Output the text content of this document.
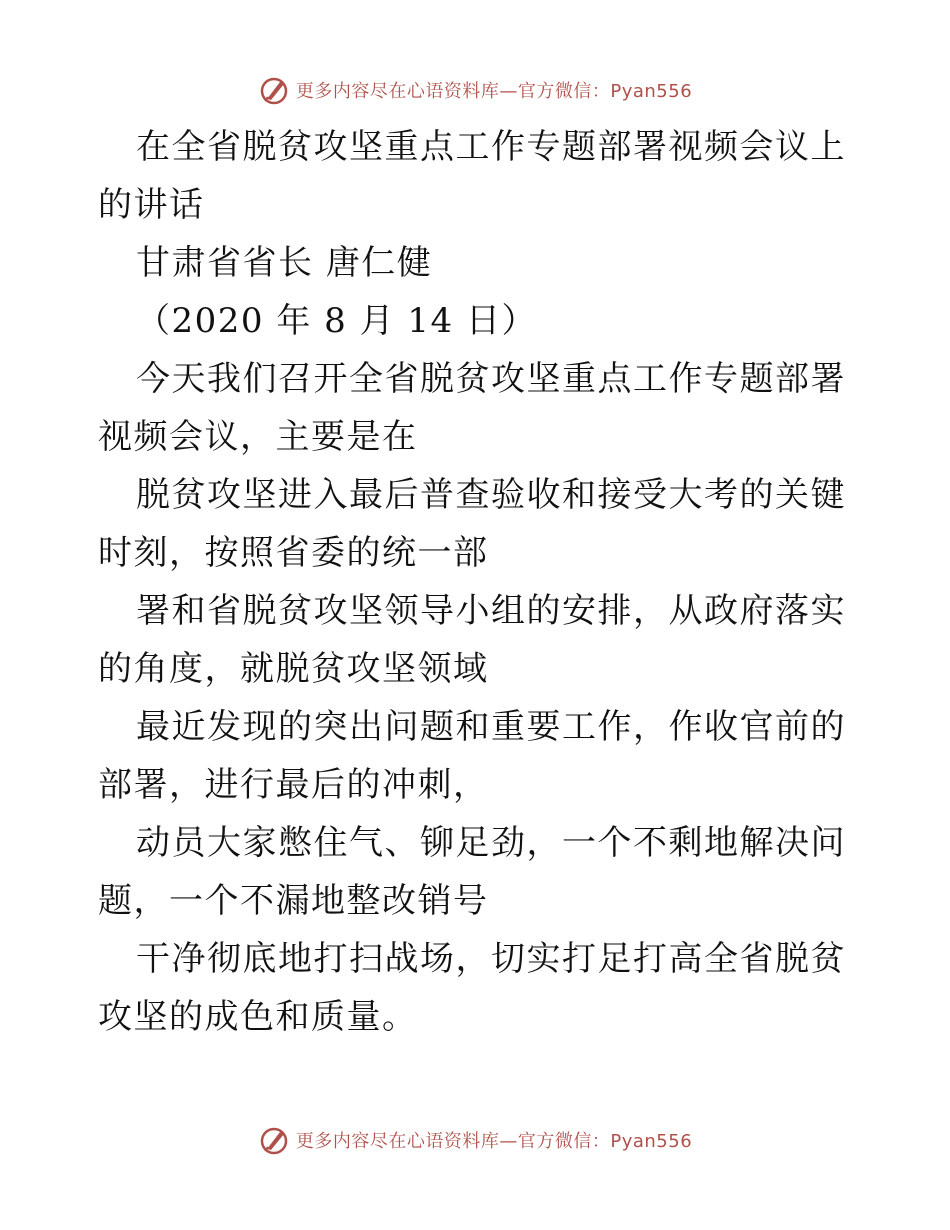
更多内容尽在心语资料库—官方微信：Pyan556

在全省脱贫攻坚重点工作专题部署视频会议上的讲话

甘肃省省长 唐仁健

（2020 年 8 月 14 日）

今天我们召开全省脱贫攻坚重点工作专题部署视频会议，主要是在

脱贫攻坚进入最后普查验收和接受大考的关键时刻，按照省委的统一部

署和省脱贫攻坚领导小组的安排，从政府落实的角度，就脱贫攻坚领域

最近发现的突出问题和重要工作，作收官前的部署，进行最后的冲刺，

动员大家憋住气、铆足劲，一个不剩地解决问题，一个不漏地整改销号

干净彻底地打扫战场，切实打足打高全省脱贫攻坚的成色和质量。

更多内容尽在心语资料库—官方微信：Pyan556
